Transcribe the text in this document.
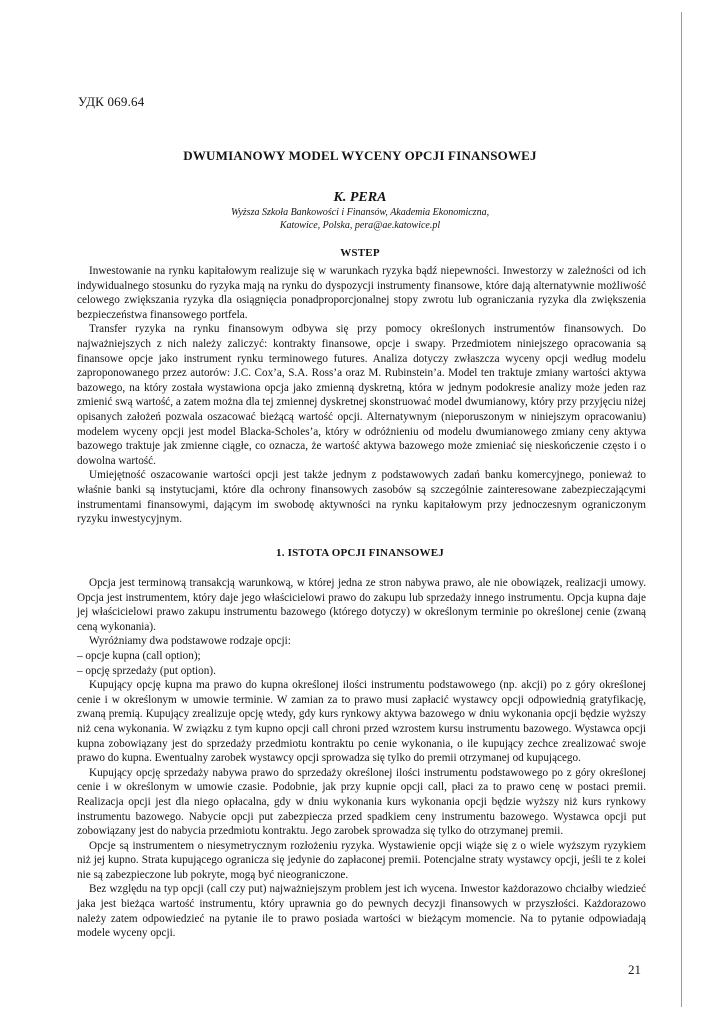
УДК 069.64
DWUMIANOWY MODEL WYCENY OPCJI FINANSOWEJ
K. PERA
Wyższa Szkoła Bankowości i Finansów, Akademia Ekonomiczna,
Katowice, Polska, pera@ae.katowice.pl
WSTEP

Inwestowanie na rynku kapitałowym realizuje się w warunkach ryzyka bądź niepewności. Inwestorzy w zależności od ich indywidualnego stosunku do ryzyka mają na rynku do dyspozycji instrumenty finansowe, które dają alternatywnie możliwość celowego zwiększania ryzyka dla osiągnięcia ponadproporcjonalnej stopy zwrotu lub ograniczania ryzyka dla zwiększenia bezpieczeństwa finansowego portfela.

Transfer ryzyka na rynku finansowym odbywa się przy pomocy określonych instrumentów finansowych. Do najważniejszych z nich należy zaliczyć: kontrakty finansowe, opcje i swapy. Przedmiotem niniejszego opracowania są finansowe opcje jako instrument rynku terminowego futures. Analiza dotyczy zwłaszcza wyceny opcji według modelu zaproponowanego przez autorów: J.C. Cox’a, S.A. Ross’a oraz M. Rubinstein’a. Model ten traktuje zmiany wartości aktywa bazowego, na który została wystawiona opcja jako zmienną dyskretną, która w jednym podokresie analizy może jeden raz zmienić swą wartość, a zatem można dla tej zmiennej dyskretnej skonstruować model dwumianowy, który przy przyjęciu niżej opisanych założeń pozwala oszacować bieżącą wartość opcji. Alternatywnym (nieporuszonym w niniejszym opracowaniu) modelem wyceny opcji jest model Blacka-Scholes’a, który w odróżnieniu od modelu dwumianowego zmiany ceny aktywa bazowego traktuje jak zmienne ciągłe, co oznacza, że wartość aktywa bazowego może zmieniać się nieskończenie często i o dowolna wartość.

Umiejętność oszacowanie wartości opcji jest także jednym z podstawowych zadań banku komercyjnego, ponieważ to właśnie banki są instytucjami, które dla ochrony finansowych zasobów są szczególnie zainteresowane zabezpieczającymi instrumentami finansowymi, dającym im swobodę aktywności na rynku kapitałowym przy jednoczesnym ograniczonym ryzyku inwestycyjnym.

1. ISTOTA OPCJI FINANSOWEJ

Opcja jest terminową transakcją warunkową, w której jedna ze stron nabywa prawo, ale nie obowiązek, realizacji umowy. Opcja jest instrumentem, który daje jego właścicielowi prawo do zakupu lub sprzedaży innego instrumentu. Opcja kupna daje jej właścicielowi prawo zakupu instrumentu bazowego (którego dotyczy) w określonym terminie po określonej cenie (zwaną ceną wykonania).

Wyróżniamy dwa podstawowe rodzaje opcji:

– opcje kupna (call option);

– opcję sprzedaży (put option).

Kupujący opcję kupna ma prawo do kupna określonej ilości instrumentu podstawowego (np. akcji) po z góry określonej cenie i w określonym w umowie terminie. W zamian za to prawo musi zapłacić wystawcy opcji odpowiednią gratyfikację, zwaną premią. Kupujący zrealizuje opcję wtedy, gdy kurs rynkowy aktywa bazowego w dniu wykonania opcji będzie wyższy niż cena wykonania. W związku z tym kupno opcji call chroni przed wzrostem kursu instrumentu bazowego. Wystawca opcji kupna zobowiązany jest do sprzedaży przedmiotu kontraktu po cenie wykonania, o ile kupujący zechce zrealizować swoje prawo do kupna. Ewentualny zarobek wystawcy opcji sprowadza się tylko do premii otrzymanej od kupującego.

Kupujący opcję sprzedaży nabywa prawo do sprzedaży określonej ilości instrumentu podstawowego po z góry określonej cenie i w określonym w umowie czasie. Podobnie, jak przy kupnie opcji call, płaci za to prawo cenę w postaci premii. Realizacja opcji jest dla niego opłacalna, gdy w dniu wykonania kurs wykonania opcji będzie wyższy niż kurs rynkowy instrumentu bazowego. Nabycie opcji put zabezpiecza przed spadkiem ceny instrumentu bazowego. Wystawca opcji put zobowiązany jest do nabycia przedmiotu kontraktu. Jego zarobek sprowadza się tylko do otrzymanej premii.

Opcje są instrumentem o niesymetrycznym rozłożeniu ryzyka. Wystawienie opcji wiąże się z o wiele wyższym ryzykiem niż jej kupno. Strata kupującego ogranicza się jedynie do zapłaconej premii. Potencjalne straty wystawcy opcji, jeśli te z kolei nie są zabezpieczone lub pokryte, mogą być nieograniczone.

Bez względu na typ opcji (call czy put) najważniejszym problem jest ich wycena. Inwestor każdorazowo chciałby wiedzieć jaka jest bieżąca wartość instrumentu, który uprawnia go do pewnych decyzji finansowych w przyszłości. Każdorazowo należy zatem odpowiedzieć na pytanie ile to prawo posiada wartości w bieżącym momencie. Na to pytanie odpowiadają modele wyceny opcji.

21
